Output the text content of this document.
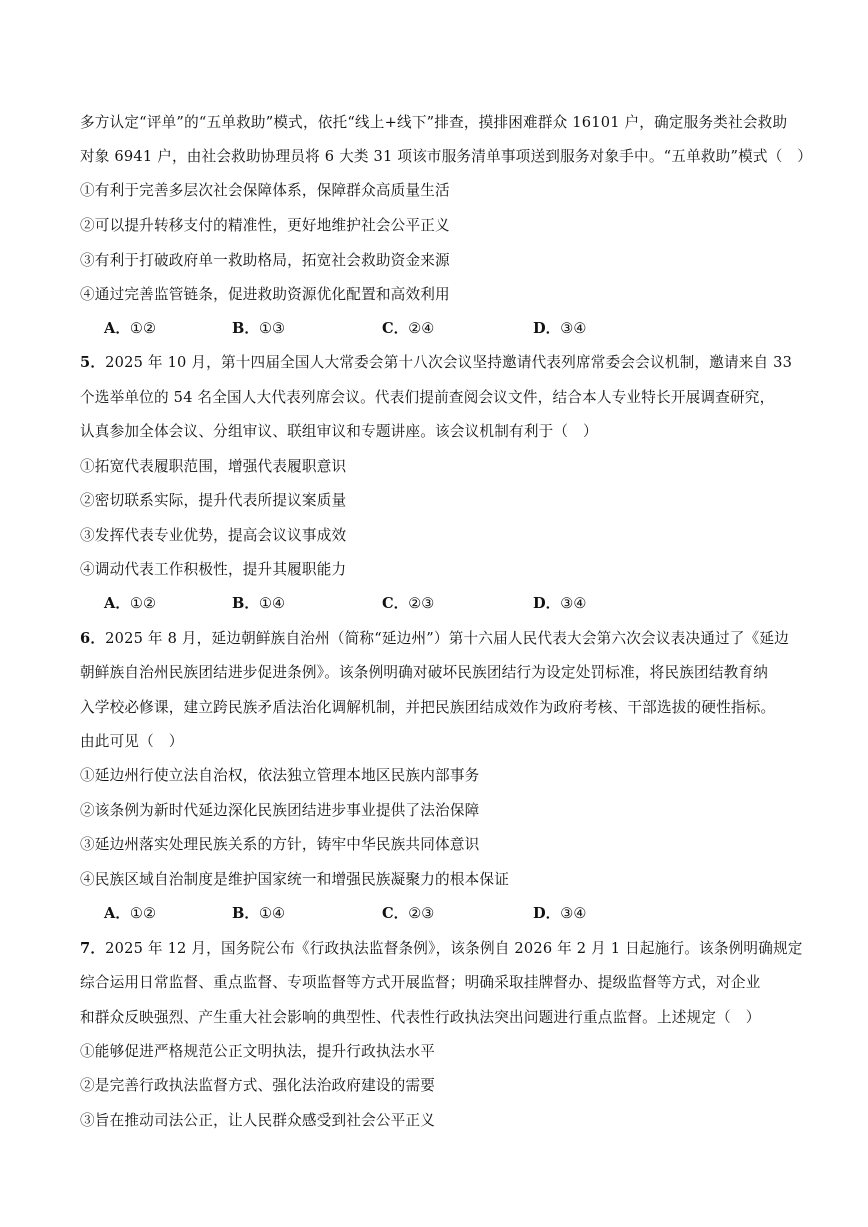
多方认定“评单”的“五单救助”模式，依托“线上+线下”排查，摸排困难群众 16101 户，确定服务类社会救助
对象 6941 户，由社会救助协理员将 6 大类 31 项该市服务清单事项送到服务对象手中。“五单救助”模式（　）
①有利于完善多层次社会保障体系，保障群众高质量生活
②可以提升转移支付的精准性，更好地维护社会公平正义
③有利于打破政府单一救助格局，拓宽社会救助资金来源
④通过完善监管链条，促进救助资源优化配置和高效利用
A．①②	B．①③	C．②④	D．③④
5．2025 年 10 月，第十四届全国人大常委会第十八次会议坚持邀请代表列席常委会会议机制，邀请来自 33
个选举单位的 54 名全国人大代表列席会议。代表们提前查阅会议文件，结合本人专业特长开展调查研究，
认真参加全体会议、分组审议、联组审议和专题讲座。该会议机制有利于（　）
①拓宽代表履职范围，增强代表履职意识
②密切联系实际，提升代表所提议案质量
③发挥代表专业优势，提高会议议事成效
④调动代表工作积极性，提升其履职能力
A．①②	B．①④	C．②③	D．③④
6．2025 年 8 月，延边朝鲜族自治州（简称“延边州”）第十六届人民代表大会第六次会议表决通过了《延边
朝鲜族自治州民族团结进步促进条例》。该条例明确对破坏民族团结行为设定处罚标准，将民族团结教育纳
入学校必修课，建立跨民族矛盾法治化调解机制，并把民族团结成效作为政府考核、干部选拔的硬性指标。
由此可见（　）
①延边州行使立法自治权，依法独立管理本地区民族内部事务
②该条例为新时代延边深化民族团结进步事业提供了法治保障
③延边州落实处理民族关系的方针，铸牢中华民族共同体意识
④民族区域自治制度是维护国家统一和增强民族凝聚力的根本保证
A．①②	B．①④	C．②③	D．③④
7．2025 年 12 月，国务院公布《行政执法监督条例》，该条例自 2026 年 2 月 1 日起施行。该条例明确规定
综合运用日常监督、重点监督、专项监督等方式开展监督；明确采取挂牌督办、提级监督等方式，对企业
和群众反映强烈、产生重大社会影响的典型性、代表性行政执法突出问题进行重点监督。上述规定（　）
①能够促进严格规范公正文明执法，提升行政执法水平
②是完善行政执法监督方式、强化法治政府建设的需要
③旨在推动司法公正，让人民群众感受到社会公平正义
